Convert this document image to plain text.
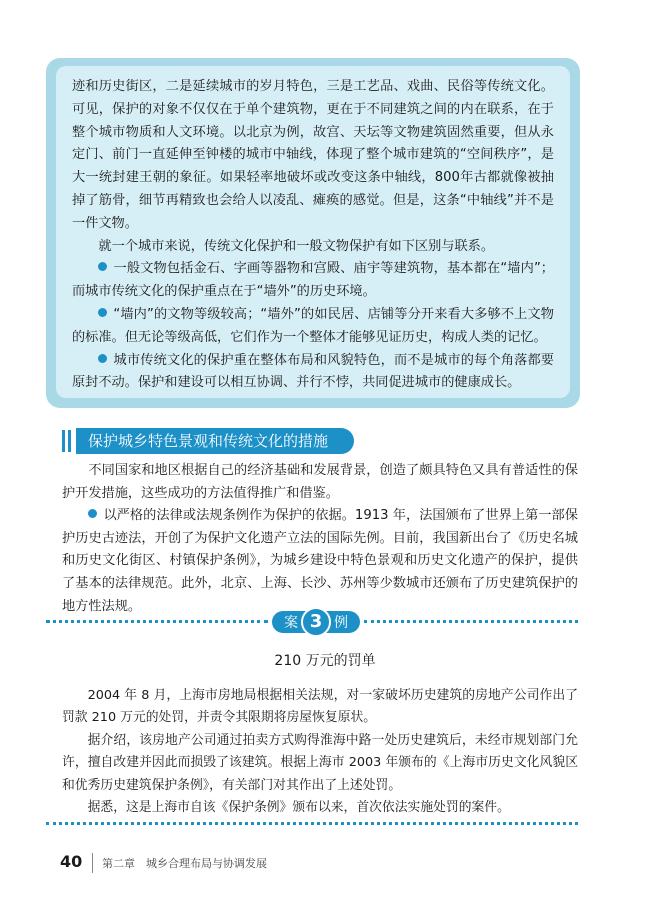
迹和历史街区，二是延续城市的岁月特色，三是工艺品、戏曲、民俗等传统文化。可见，保护的对象不仅仅在于单个建筑物，更在于不同建筑之间的内在联系，在于整个城市物质和人文环境。以北京为例，故宫、天坛等文物建筑固然重要，但从永定门、前门一直延伸至钟楼的城市中轴线，体现了整个城市建筑的“空间秩序”，是大一统封建王朝的象征。如果轻率地破坏或改变这条中轴线，800年古都就像被抽掉了筋骨，细节再精致也会给人以凌乱、瘫痪的感觉。但是，这条“中轴线”并不是一件文物。

就一个城市来说，传统文化保护和一般文物保护有如下区别与联系。

一般文物包括金石、字画等器物和宫殿、庙宇等建筑物，基本都在“墙内”；而城市传统文化的保护重点在于“墙外”的历史环境。

“墙内”的文物等级较高；“墙外”的如民居、店铺等分开来看大多够不上文物的标准。但无论等级高低，它们作为一个整体才能够见证历史，构成人类的记忆。

城市传统文化的保护重在整体布局和风貌特色，而不是城市的每个角落都要原封不动。保护和建设可以相互协调、并行不悖，共同促进城市的健康成长。

保护城乡特色景观和传统文化的措施

不同国家和地区根据自己的经济基础和发展背景，创造了颇具特色又具有普适性的保护开发措施，这些成功的方法值得推广和借鉴。

以严格的法律或法规条例作为保护的依据。1913 年，法国颁布了世界上第一部保护历史古迹法，开创了为保护文化遗产立法的国际先例。目前，我国新出台了《历史名城和历史文化街区、村镇保护条例》，为城乡建设中特色景观和历史文化遗产的保护，提供了基本的法律规范。此外，北京、上海、长沙、苏州等少数城市还颁布了历史建筑保护的地方性法规。

案	例
3
210 万元的罚单

2004 年 8 月，上海市房地局根据相关法规，对一家破坏历史建筑的房地产公司作出了罚款 210 万元的处罚，并责令其限期将房屋恢复原状。

据介绍，该房地产公司通过拍卖方式购得淮海中路一处历史建筑后，未经市规划部门允许，擅自改建并因此而损毁了该建筑。根据上海市 2003 年颁布的《上海市历史文化风貌区和优秀历史建筑保护条例》，有关部门对其作出了上述处罚。

据悉，这是上海市自该《保护条例》颁布以来，首次依法实施处罚的案件。

40 第二章　城乡合理布局与协调发展
